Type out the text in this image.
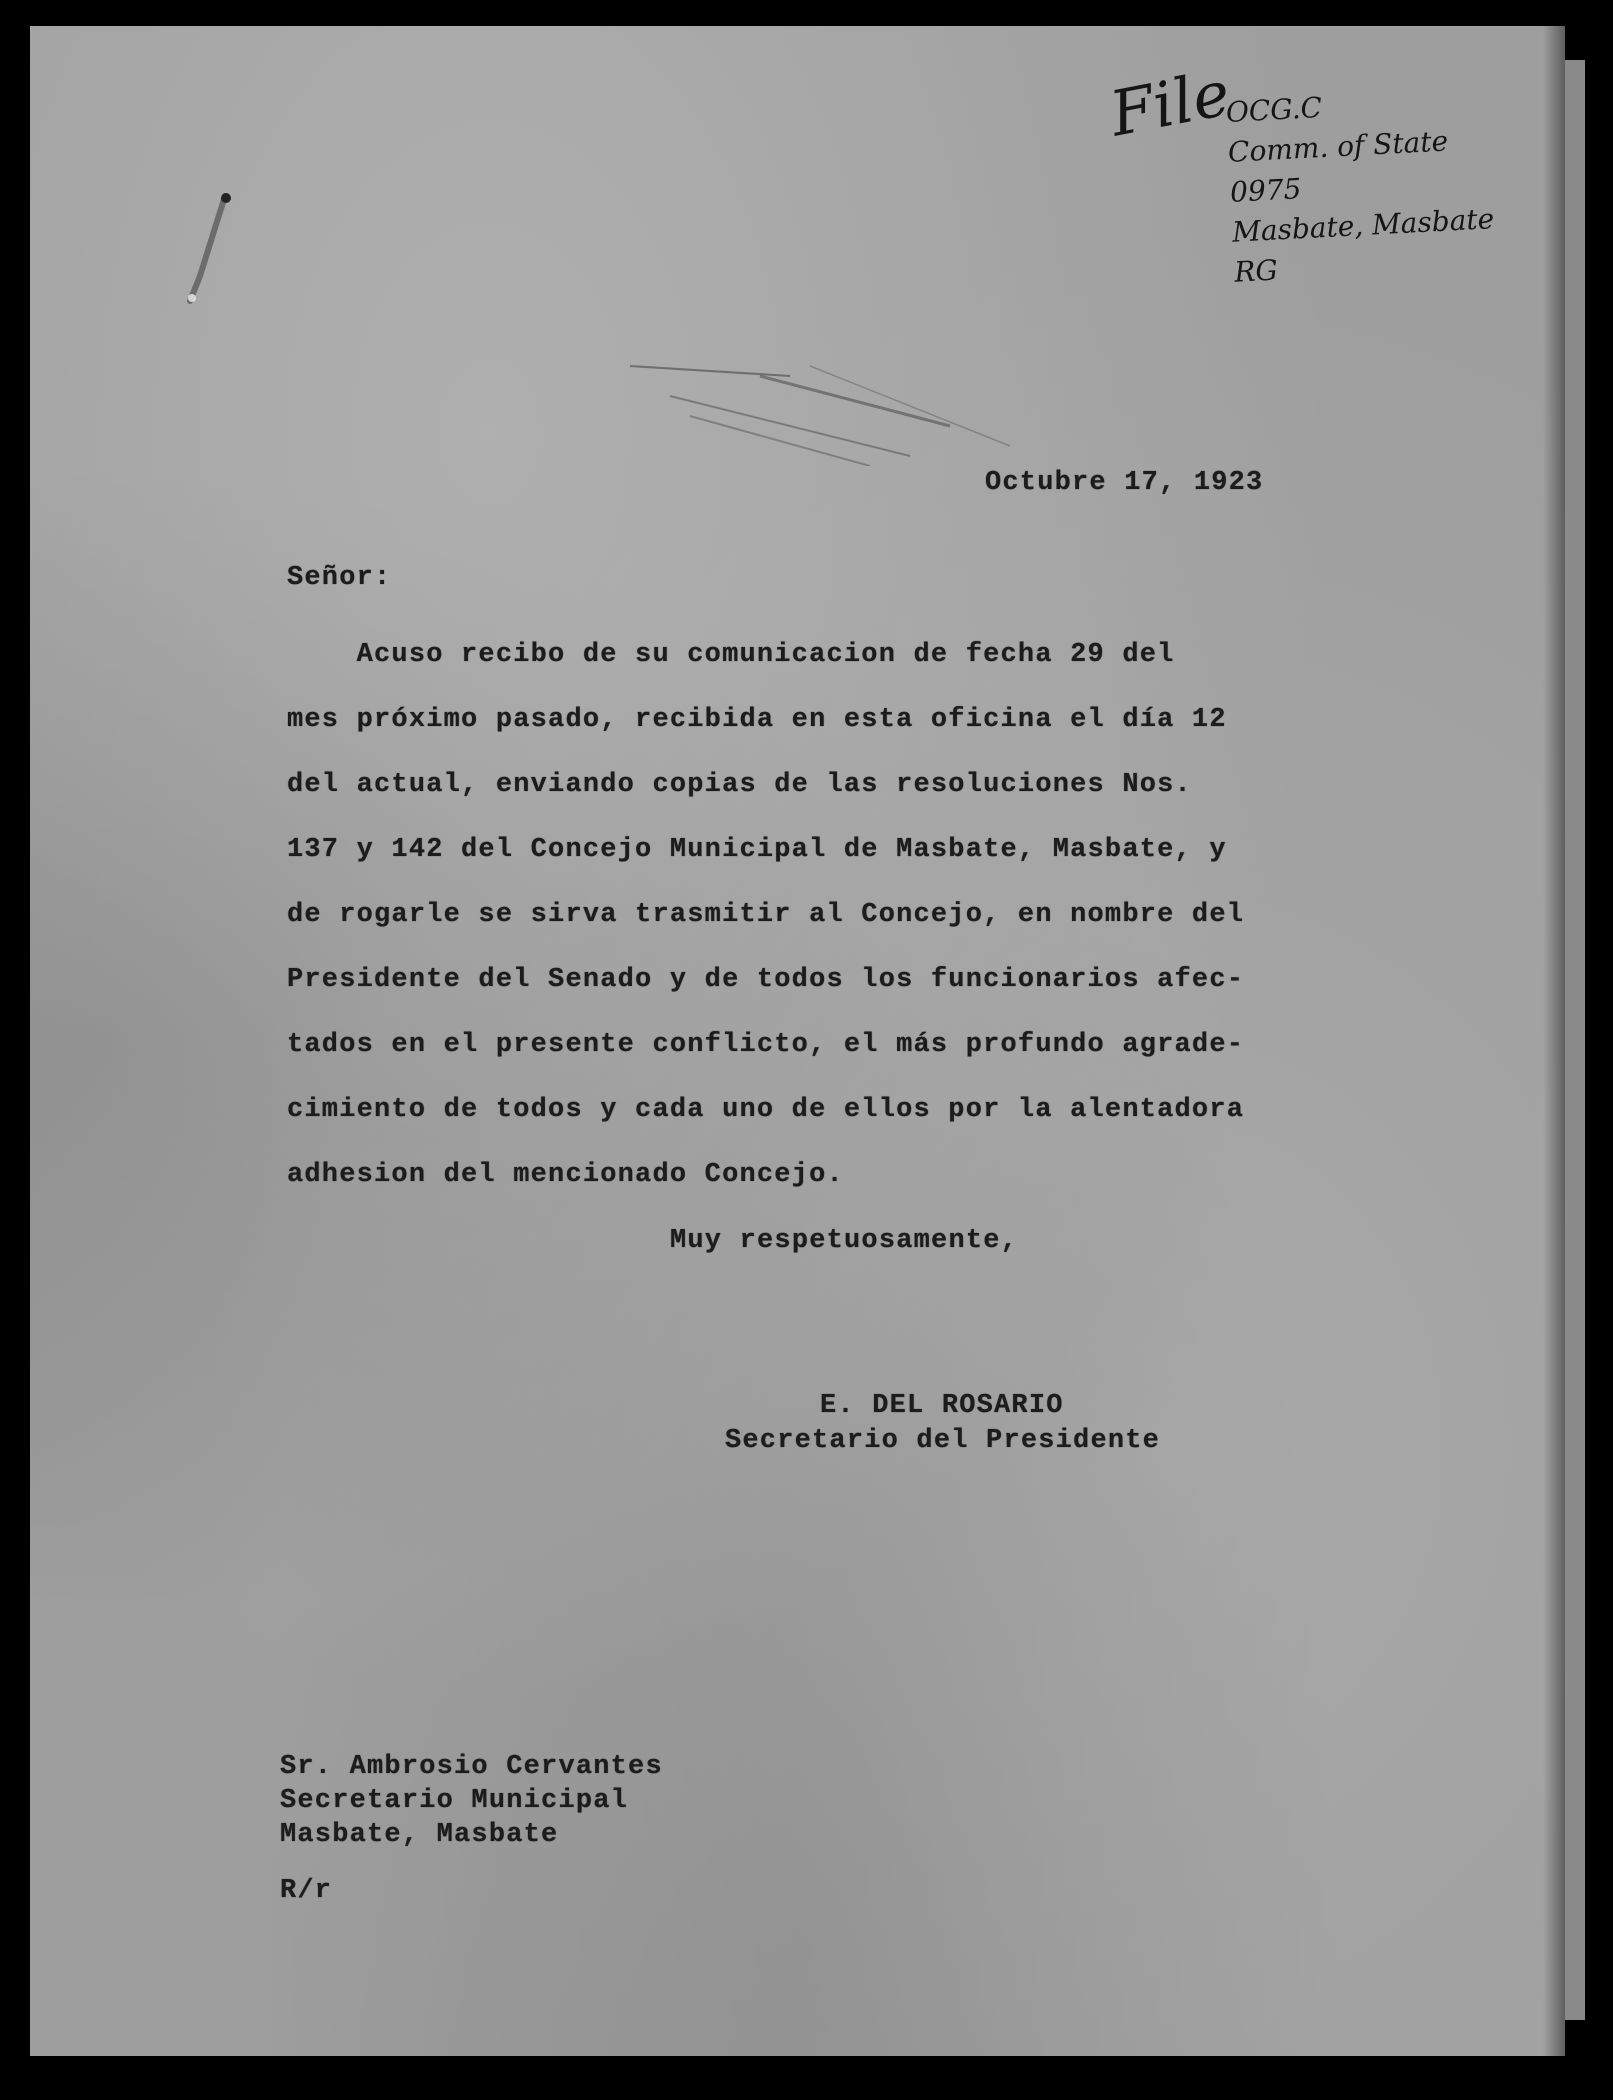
File
OCG.C
Comm. of State
0975
Masbate, Masbate
RG
Octubre 17, 1923
Señor:
Acuso recibo de su comunicacion de fecha 29 del
mes próximo pasado, recibida en esta oficina el día 12
del actual, enviando copias de las resoluciones Nos.
137 y 142 del Concejo Municipal de Masbate, Masbate, y
de rogarle se sirva trasmitir al Concejo, en nombre del
Presidente del Senado y de todos los funcionarios afec-
tados en el presente conflicto, el más profundo agrade-
cimiento de todos y cada uno de ellos por la alentadora
adhesion del mencionado Concejo.
Muy respetuosamente,
E. DEL ROSARIO
Secretario del Presidente
Sr. Ambrosio Cervantes
Secretario Municipal
Masbate, Masbate
R/r
